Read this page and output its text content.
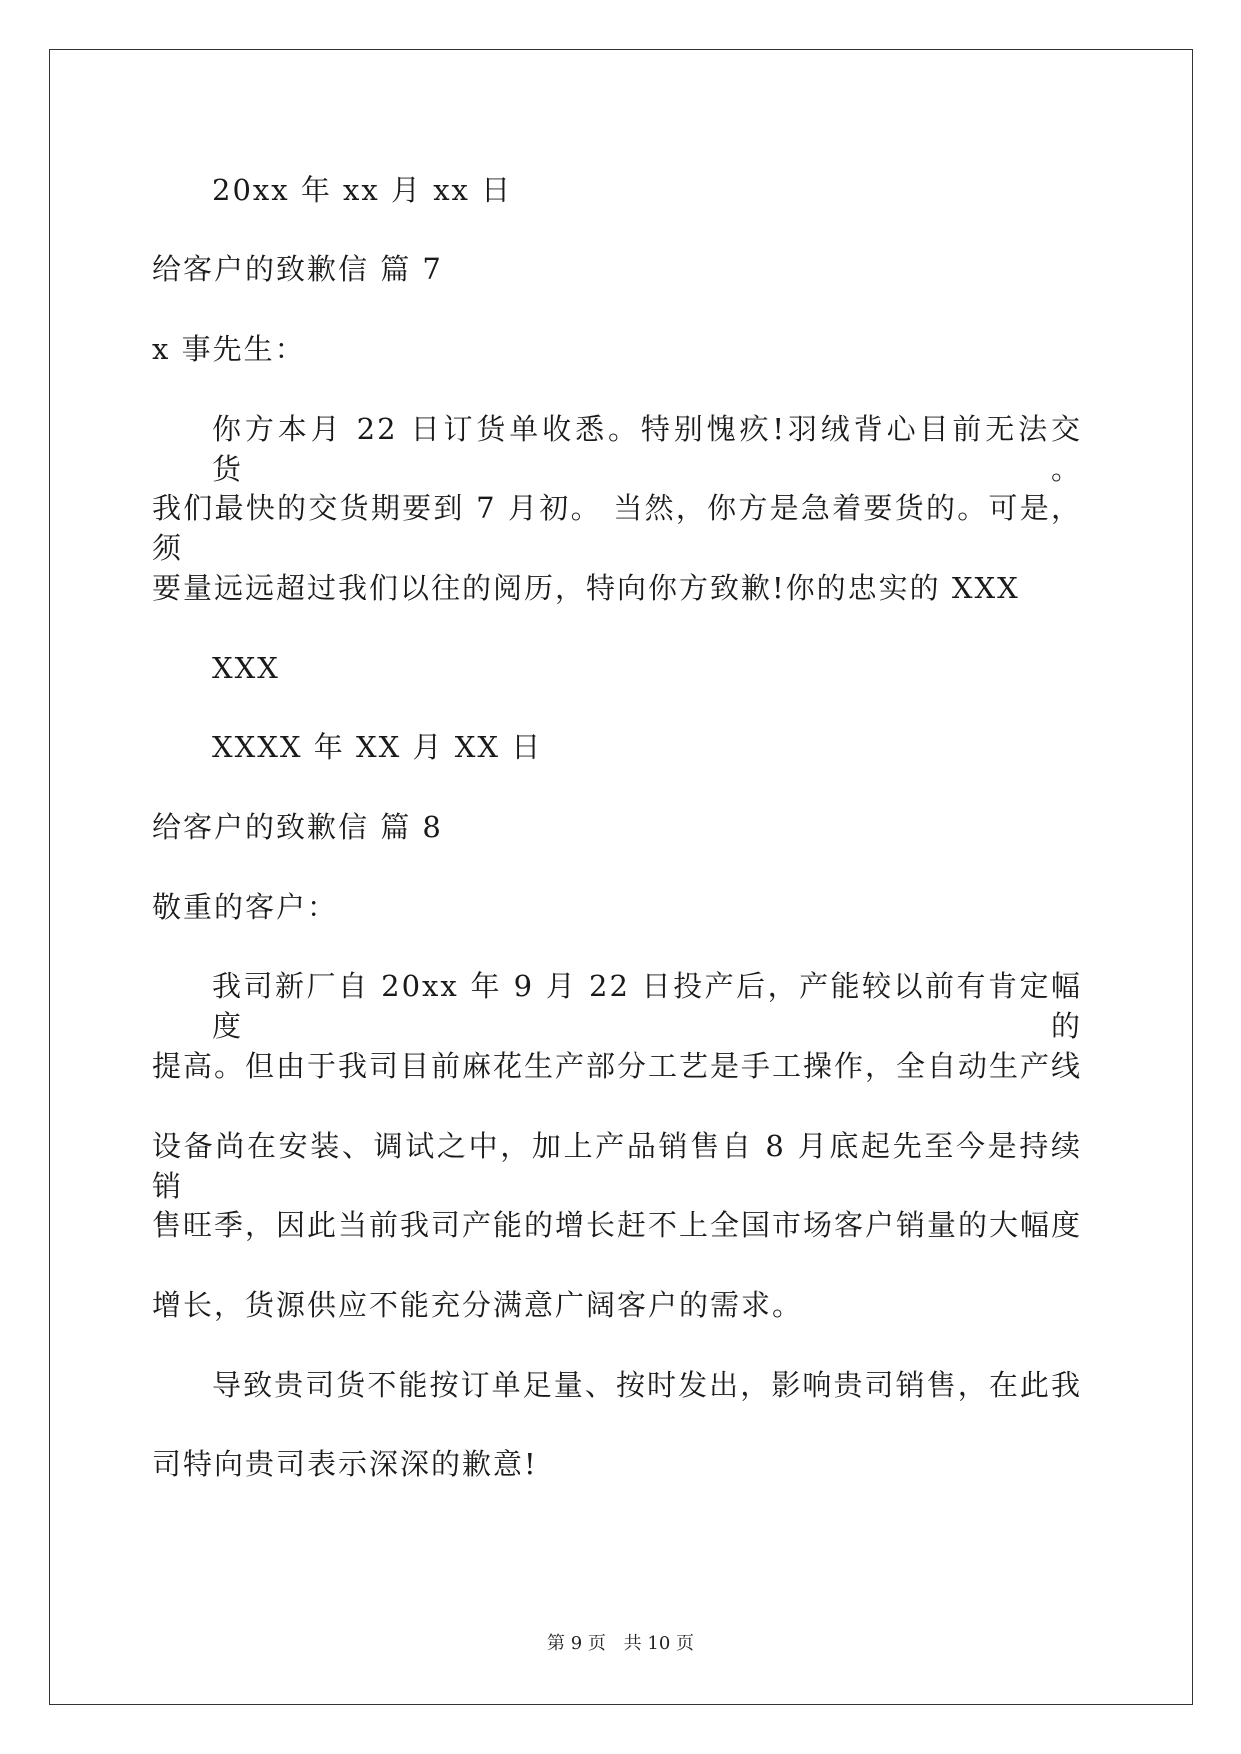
20xx 年 xx 月 xx 日
给客户的致歉信 篇 7
x 事先生：
你方本月 22 日订货单收悉。特别愧疚!羽绒背心目前无法交货。
我们最快的交货期要到 7 月初。 当然，你方是急着要货的。可是，须
要量远远超过我们以往的阅历，特向你方致歉!你的忠实的 XXX
XXX
XXXX 年 XX 月 XX 日
给客户的致歉信 篇 8
敬重的客户：
我司新厂自 20xx 年 9 月 22 日投产后，产能较以前有肯定幅度的
提高。但由于我司目前麻花生产部分工艺是手工操作，全自动生产线
设备尚在安装、调试之中，加上产品销售自 8 月底起先至今是持续销
售旺季，因此当前我司产能的增长赶不上全国市场客户销量的大幅度
增长，货源供应不能充分满意广阔客户的需求。
导致贵司货不能按订单足量、按时发出，影响贵司销售，在此我
司特向贵司表示深深的歉意!
第 9 页 共 10 页
